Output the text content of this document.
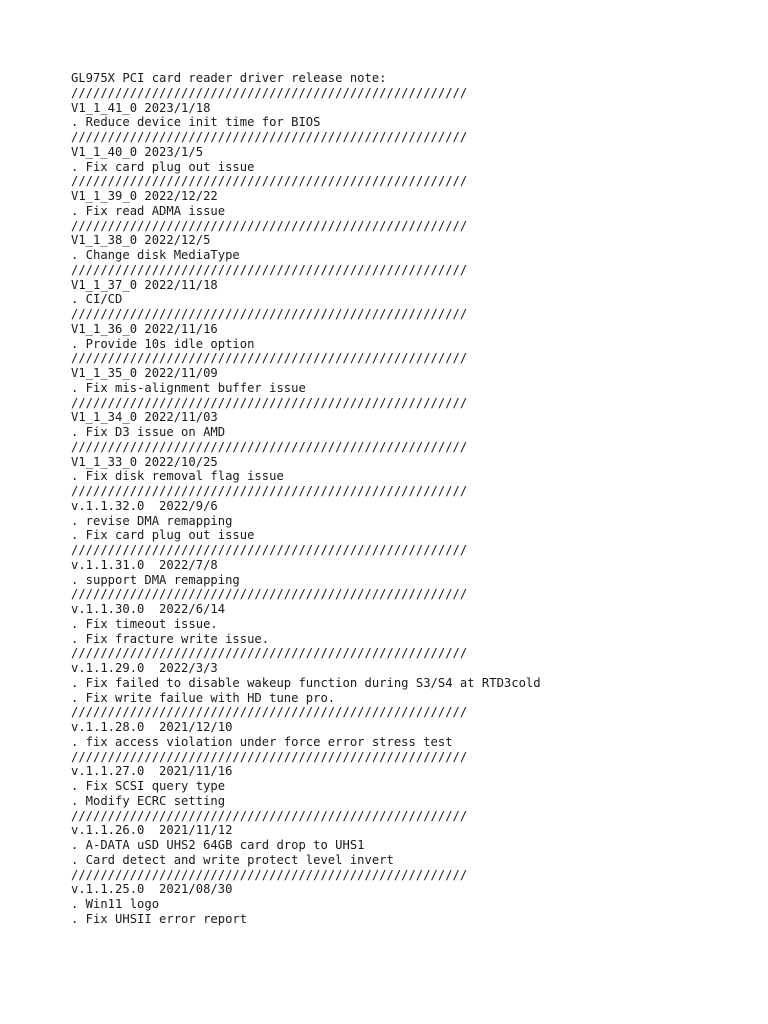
GL975X PCI card reader driver release note:
//////////////////////////////////////////////////////
V1_1_41_0 2023/1/18
. Reduce device init time for BIOS
//////////////////////////////////////////////////////
V1_1_40_0 2023/1/5
. Fix card plug out issue
//////////////////////////////////////////////////////
V1_1_39_0 2022/12/22
. Fix read ADMA issue
//////////////////////////////////////////////////////
V1_1_38_0 2022/12/5
. Change disk MediaType
//////////////////////////////////////////////////////
V1_1_37_0 2022/11/18
. CI/CD
//////////////////////////////////////////////////////
V1_1_36_0 2022/11/16
. Provide 10s idle option
//////////////////////////////////////////////////////
V1_1_35_0 2022/11/09
. Fix mis-alignment buffer issue
//////////////////////////////////////////////////////
V1_1_34_0 2022/11/03
. Fix D3 issue on AMD
//////////////////////////////////////////////////////
V1_1_33_0 2022/10/25
. Fix disk removal flag issue
//////////////////////////////////////////////////////
v.1.1.32.0  2022/9/6
. revise DMA remapping
. Fix card plug out issue
//////////////////////////////////////////////////////
v.1.1.31.0  2022/7/8
. support DMA remapping
//////////////////////////////////////////////////////
v.1.1.30.0  2022/6/14
. Fix timeout issue.
. Fix fracture write issue.
//////////////////////////////////////////////////////
v.1.1.29.0  2022/3/3
. Fix failed to disable wakeup function during S3/S4 at RTD3cold
. Fix write failue with HD tune pro.
//////////////////////////////////////////////////////
v.1.1.28.0  2021/12/10
. fix access violation under force error stress test
//////////////////////////////////////////////////////
v.1.1.27.0  2021/11/16
. Fix SCSI query type
. Modify ECRC setting
//////////////////////////////////////////////////////
v.1.1.26.0  2021/11/12
. A-DATA uSD UHS2 64GB card drop to UHS1
. Card detect and write protect level invert
//////////////////////////////////////////////////////
v.1.1.25.0  2021/08/30
. Win11 logo
. Fix UHSII error report
